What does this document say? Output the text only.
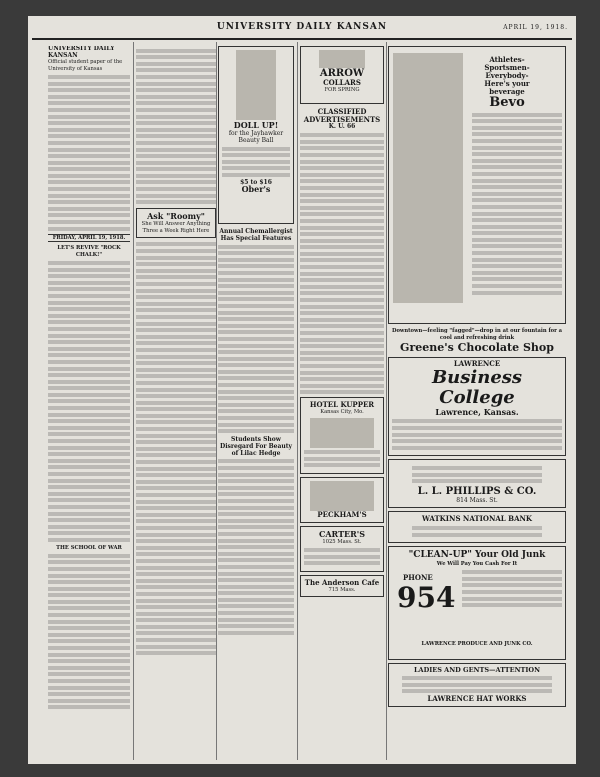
UNIVERSITY DAILY KANSAN	APRIL 19, 1918.
UNIVERSITY DAILY KANSAN
Official student paper of the University of Kansas
FRIDAY, APRIL 19, 1918.
LET'S REVIVE "ROCK CHALK!"
THE SCHOOL OF WAR
Ask "Roomy"
She Will Answer Anything Three a Week Right Here
DOLL UP!
for the Jayhawker Beauty Ball
$5 to $16
Ober's
Annual Chemallergist Has Special Features
Students Show Disregard For Beauty of Lilac Hedge
ARROW
COLLARS
FOR SPRING
CLASSIFIED ADVERTISEMENTS
K. U. 66
HOTEL KUPPER
Kansas City, Mo.
PECKHAM'S
CARTER'S
1025 Mass. St.
The Anderson Cafe
715 Mass.
Athletes-Sportsmen-Everybody- Here's your beverage
Bevo
Downtown—feeling "fagged"—drop in at our fountain for a cool and refreshing drink
Greene's Chocolate Shop
LAWRENCE
Business College
Lawrence, Kansas.
L. L. PHILLIPS & CO.
814 Mass. St.
WATKINS NATIONAL BANK
"CLEAN-UP" Your Old Junk
We Will Pay You Cash For It
PHONE
954
LAWRENCE PRODUCE AND JUNK CO.
LADIES AND GENTS—ATTENTION
LAWRENCE HAT WORKS
